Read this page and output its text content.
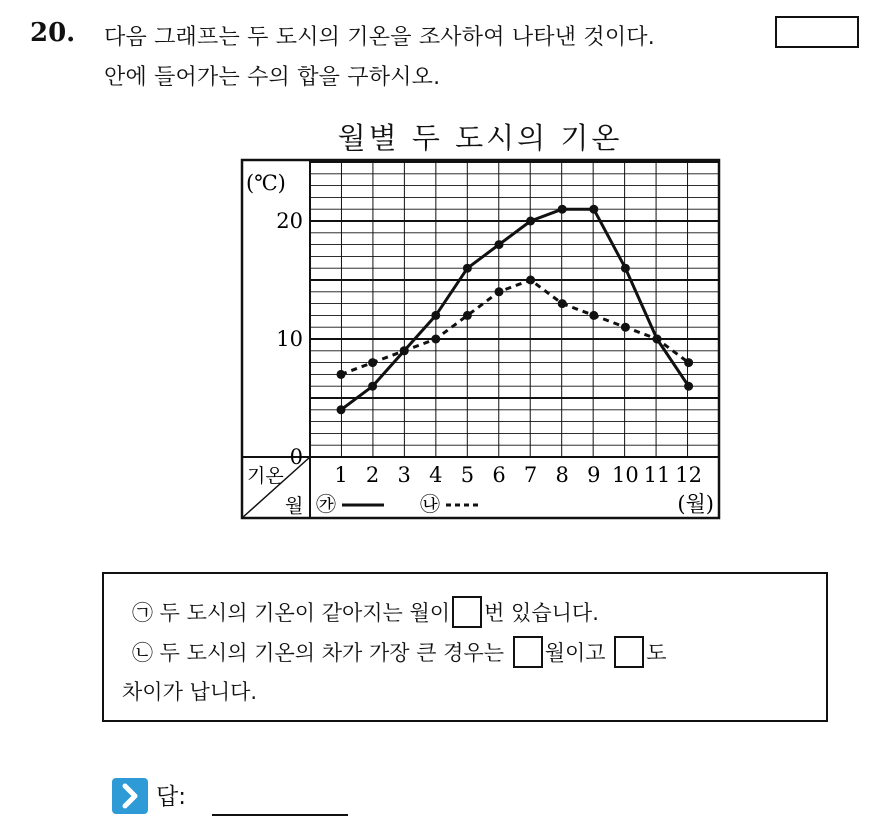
20. 다음 그래프는 두 도시의 기온을 조사하여 나타낸 것이다.
안에 들어가는 수의 합을 구하시오.
월별 두 도시의 기온
(℃)
0
10
20
기온
월
1 2 3 4 5 6 7 8 9 10 11 12
(월)
㉮	㉯
㉠ 두 도시의 기온이 같아지는 월이 번 있습니다.
㉡ 두 도시의 기온의 차가 가장 큰 경우는 월이고 도
차이가 납니다.
답:
